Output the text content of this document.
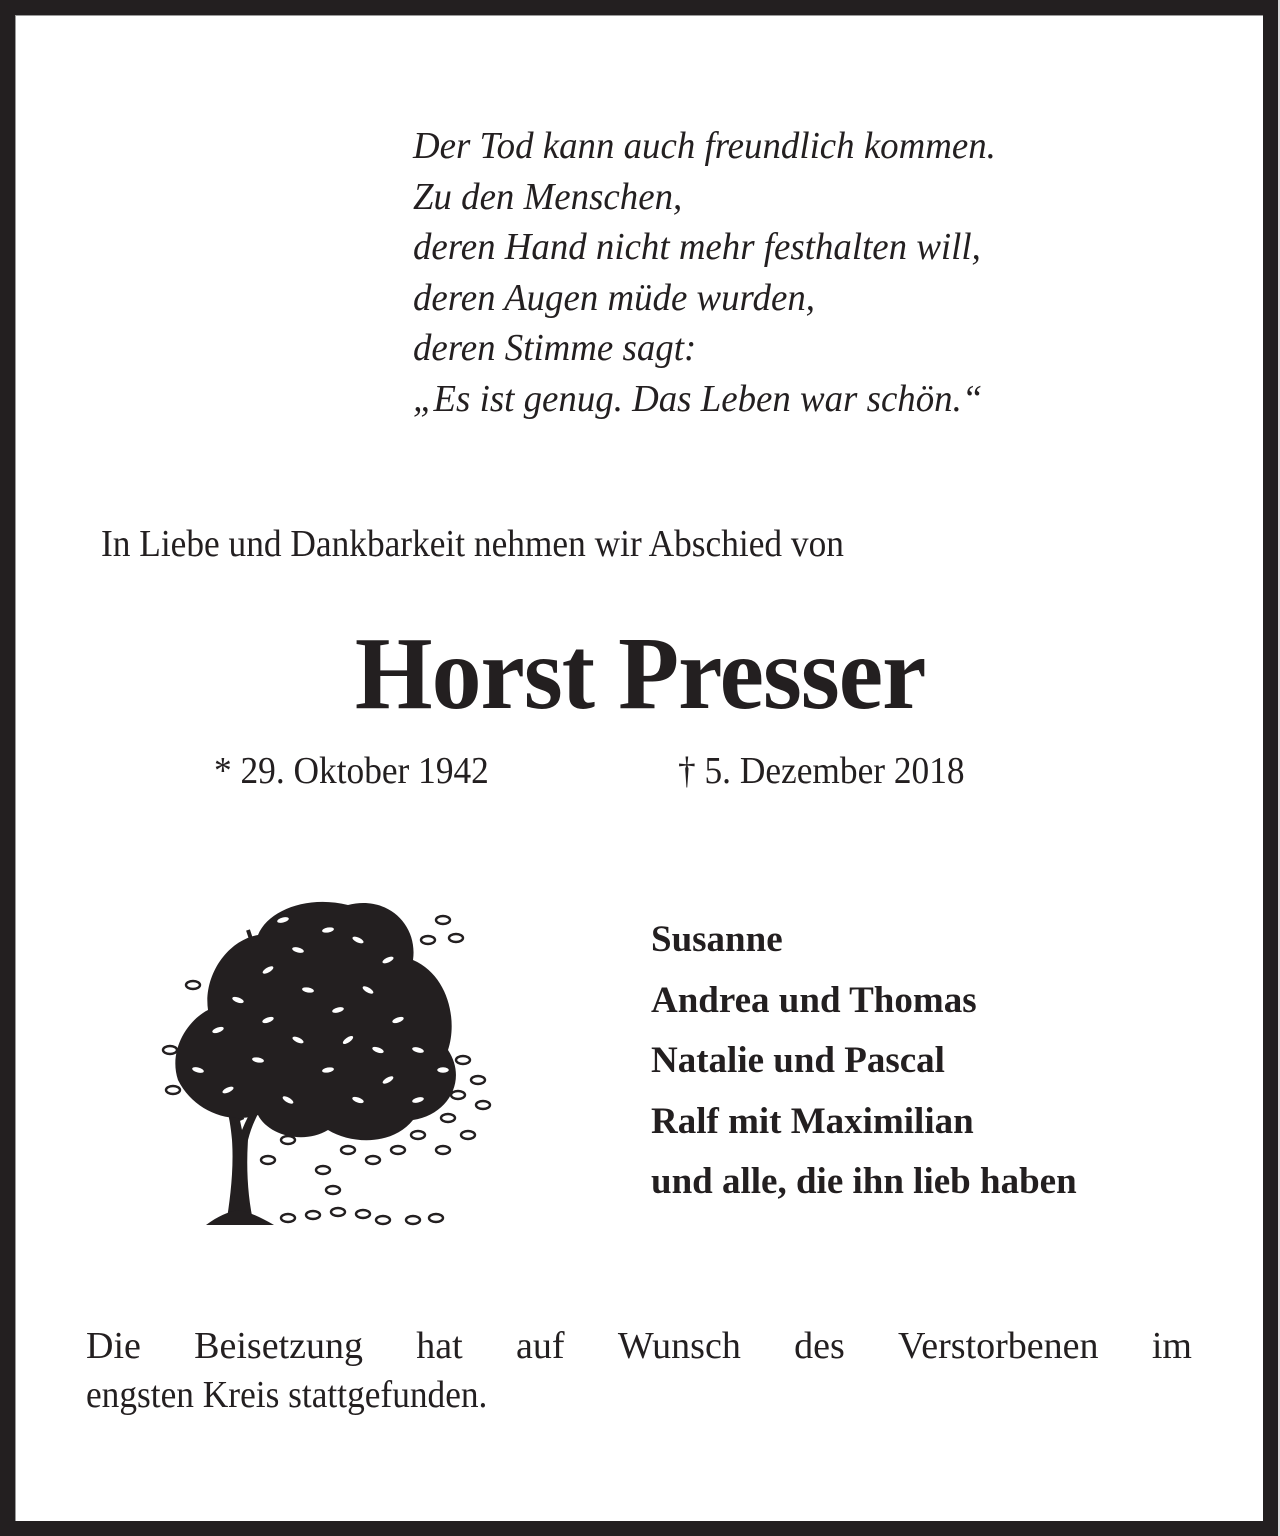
Der Tod kann auch freundlich kommen.
Zu den Menschen,
deren Hand nicht mehr festhalten will,
deren Augen müde wurden,
deren Stimme sagt:
„Es ist genug. Das Leben war schön.“
In Liebe und Dankbarkeit nehmen wir Abschied von
Horst Presser
* 29. Oktober 1942	† 5. Dezember 2018
Susanne
Andrea und Thomas
Natalie und Pascal
Ralf mit Maximilian
und alle, die ihn lieb haben
Die Beisetzung hat auf Wunsch des Verstorbenen im
engsten Kreis stattgefunden.
